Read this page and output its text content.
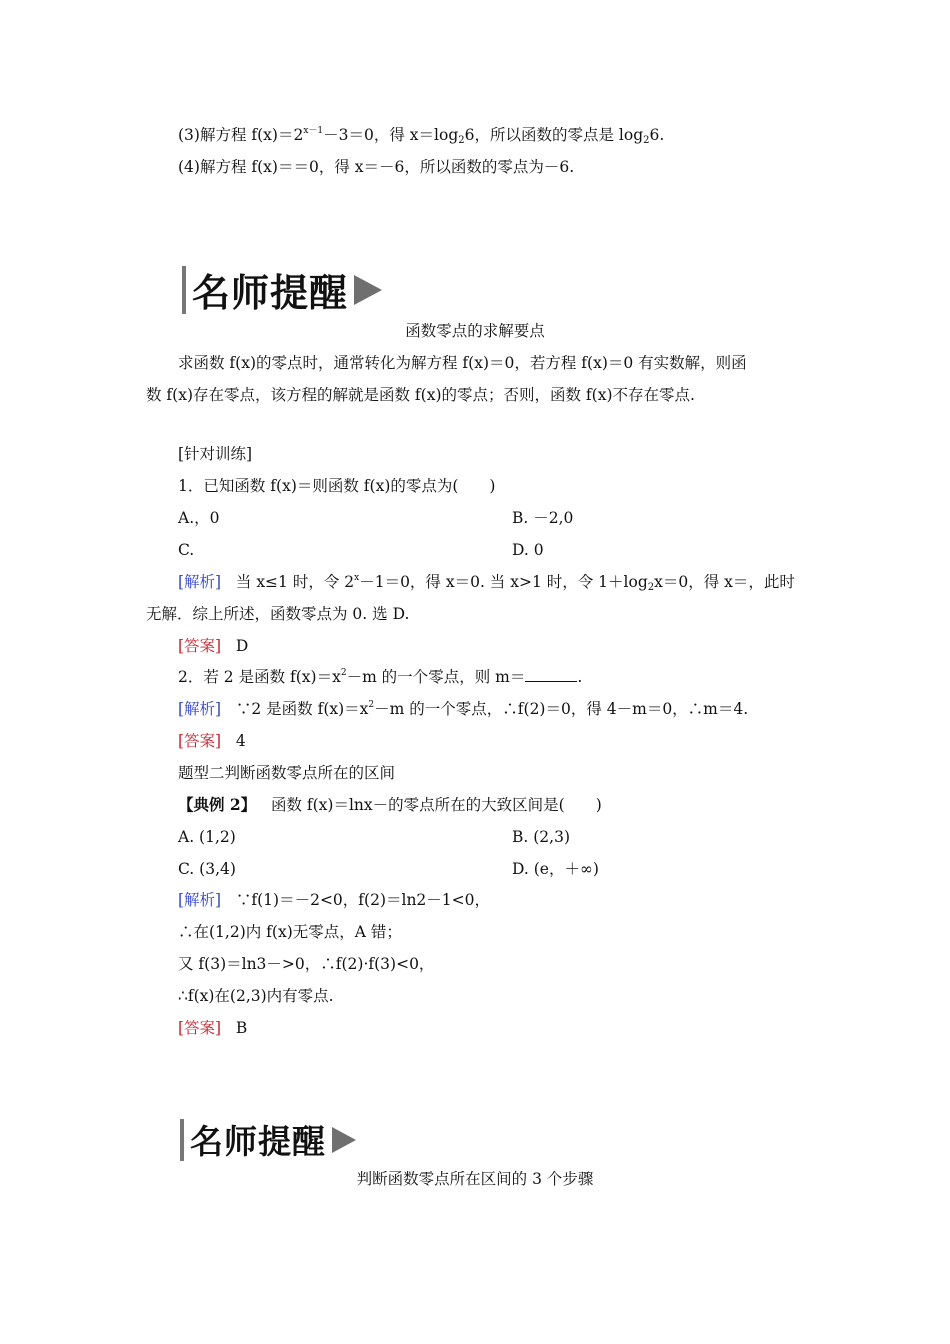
(3)解方程 $f(x)=2^{x-1}-3=0$，得 $x=\log_26$，所以函数的零点是 $\log_26$.
(4)解方程 f(x)＝＝0，得 x＝－6，所以函数的零点为－6.
名师提醒
函数零点的求解要点
求函数 f(x)的零点时，通常转化为解方程 f(x)＝0，若方程 f(x)＝0 有实数解，则函
数 f(x)存在零点，该方程的解就是函数 f(x)的零点；否则，函数 f(x)不存在零点.
[针对训练]
1．已知函数 f(x)＝则函数 f(x)的零点为(　　)
A.，0	B. －2,0
C.	D. 0
[解析] 当 x≤1 时，令 $2^x-1=0$，得 x＝0. 当 x>1 时，令 $1+\log_2x=0$，得 x＝，此时
无解．综上所述，函数零点为 0. 选 D.
[答案] D
2．若 2 是函数 $f(x)=x^2-m$ 的一个零点，则 m＝	.
[解析] ∵2 是函数 $f(x)=x^2-m$ 的一个零点，∴f(2)＝0，得 4－m＝0，∴m＝4.
[答案] 4
题型二判断函数零点所在的区间
【典例 2】 函数 f(x)＝lnx－的零点所在的大致区间是(　　)
A. (1,2)	B. (2,3)
C. (3,4)	D. (e，＋∞)
[解析] ∵f(1)＝－2<0，f(2)＝ln2－1<0，
∴在(1,2)内 f(x)无零点，A 错；
又 f(3)＝ln3－>0，∴f(2)·f(3)<0，
∴f(x)在(2,3)内有零点.
[答案] B
名师提醒
判断函数零点所在区间的 3 个步骤
